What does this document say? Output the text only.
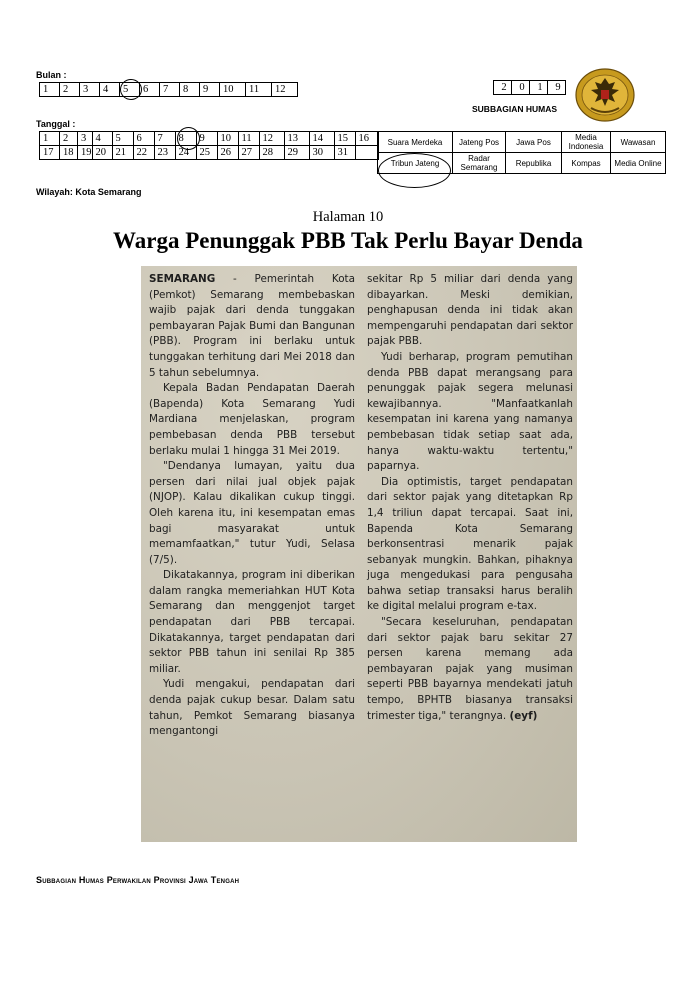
Bulan :
1	2	3	4	5	6	7	8	9	10	11	12
Tanggal :
1	2	3	4	5	6	7	8	9	10	11	12	13	14	15	16
17	18	19	20	21	22	23	24	25	26	27	28	29	30	31	
2	0	1	9
SUBBAGIAN HUMAS
Suara Merdeka	Jateng Pos	Jawa Pos	Media Indonesia	Wawasan
Tribun Jateng	Radar Semarang	Republika	Kompas	Media Online
Wilayah: Kota Semarang
Halaman 10
Warga Penunggak PBB Tak Perlu Bayar Denda

SEMARANG - Pemerintah Kota (Pemkot) Semarang membebaskan wajib pajak dari denda tunggakan pembayaran Pajak Bumi dan Bangunan (PBB). Program ini berlaku untuk tunggakan terhitung dari Mei 2018 dan 5 tahun sebelumnya.

Kepala Badan Pendapatan Daerah (Bapenda) Kota Semarang Yudi Mardiana menjelaskan, program pembebasan denda PBB tersebut berlaku mulai 1 hingga 31 Mei 2019.

"Dendanya lumayan, yaitu dua persen dari nilai jual objek pajak (NJOP). Kalau dikalikan cukup tinggi. Oleh karena itu, ini kesempatan emas bagi masyarakat untuk memamfaatkan," tutur Yudi, Selasa (7/5).

Dikatakannya, program ini diberikan dalam rangka memeriahkan HUT Kota Semarang dan menggenjot target pendapatan dari PBB tercapai. Dikatakannya, target pendapatan dari sektor PBB tahun ini senilai Rp 385 miliar.

Yudi mengakui, pendapatan dari denda pajak cukup besar. Dalam satu tahun, Pemkot Semarang biasanya mengantongi

sekitar Rp 5 miliar dari denda yang dibayarkan. Meski demikian, penghapusan denda ini tidak akan mempengaruhi pendapatan dari sektor pajak PBB.

Yudi berharap, program pemutihan denda PBB dapat merangsang para penunggak pajak segera melunasi kewajibannya. "Manfaatkanlah kesempatan ini karena yang namanya pembebasan tidak setiap saat ada, hanya waktu-waktu tertentu," paparnya.

Dia optimistis, target pendapatan dari sektor pajak yang ditetapkan Rp 1,4 triliun dapat tercapai. Saat ini, Bapenda Kota Semarang berkonsentrasi menarik pajak sebanyak mungkin. Bahkan, pihaknya juga mengedukasi para pengusaha bahwa setiap transaksi harus beralih ke digital melalui program e-tax.

"Secara keseluruhan, pendapatan dari sektor pajak baru sekitar 27 persen karena memang ada pembayaran pajak yang musiman seperti PBB bayarnya mendekati jatuh tempo, BPHTB biasanya transaksi trimester tiga," terangnya. (eyf)

Subbagian Humas Perwakilan Provinsi Jawa Tengah
